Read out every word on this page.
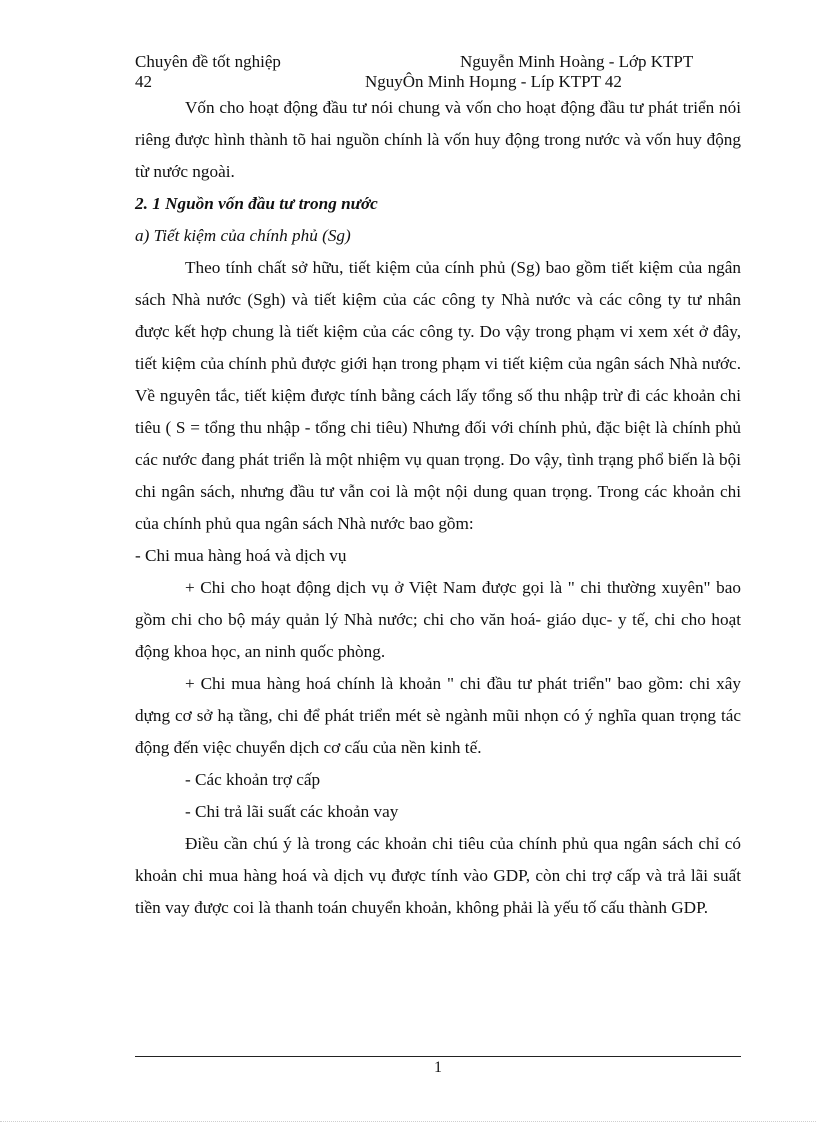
Chuyên đề tốt nghiệp	Nguyễn Minh Hoàng - Lớp KTPT
42	NguyÔn Minh Hoµng - Líp KTPT 42

Vốn cho hoạt động đầu tư nói chung và vốn cho hoạt động đầu tư phát triển nói riêng được hình thành tõ hai nguồn chính là vốn huy động trong nước và vốn huy động từ nước ngoài.

2. 1 Nguồn vốn đầu tư trong nước

a) Tiết kiệm của chính phủ (Sg)

Theo tính chất sở hữu, tiết kiệm của cính phủ (Sg) bao gồm tiết kiệm của ngân sách Nhà nước (Sgh) và tiết kiệm của các công ty Nhà nước và các công ty tư nhân được kết hợp chung là tiết kiệm của các công ty. Do vậy trong phạm vi xem xét ở đây, tiết kiệm của chính phủ được giới hạn trong phạm vi tiết kiệm của ngân sách Nhà nước. Về nguyên tắc, tiết kiệm được tính bằng cách lấy tổng số thu nhập trừ đi các khoản chi tiêu ( S = tổng thu nhập - tổng chi tiêu) Nhưng đối với chính phủ, đặc biệt là chính phủ các nước đang phát triển là một nhiệm vụ quan trọng. Do vậy, tình trạng phổ biến là bội chi ngân sách, nhưng đầu tư vẫn coi là một nội dung quan trọng. Trong các khoản chi của chính phủ qua ngân sách Nhà nước bao gồm:

- Chi mua hàng hoá và dịch vụ

+ Chi cho hoạt động dịch vụ ở Việt Nam được gọi là " chi thường xuyên" bao gồm chi cho bộ máy quản lý Nhà nước; chi cho văn hoá- giáo dục- y tế, chi cho hoạt động khoa học, an ninh quốc phòng.

+ Chi mua hàng hoá chính là khoản " chi đầu tư phát triển" bao gồm: chi xây dựng cơ sở hạ tầng, chi để phát triển mét sè ngành mũi nhọn có ý nghĩa quan trọng tác động đến việc chuyển dịch cơ cấu của nền kinh tế.

- Các khoản trợ cấp

- Chi trả lãi suất các khoản vay

Điều cần chú ý là trong các khoản chi tiêu của chính phủ qua ngân sách chỉ có khoản chi mua hàng hoá và dịch vụ được tính vào GDP, còn chi trợ cấp và trả lãi suất tiền vay được coi là thanh toán chuyển khoản, không phải là yếu tố cấu thành GDP.

1
